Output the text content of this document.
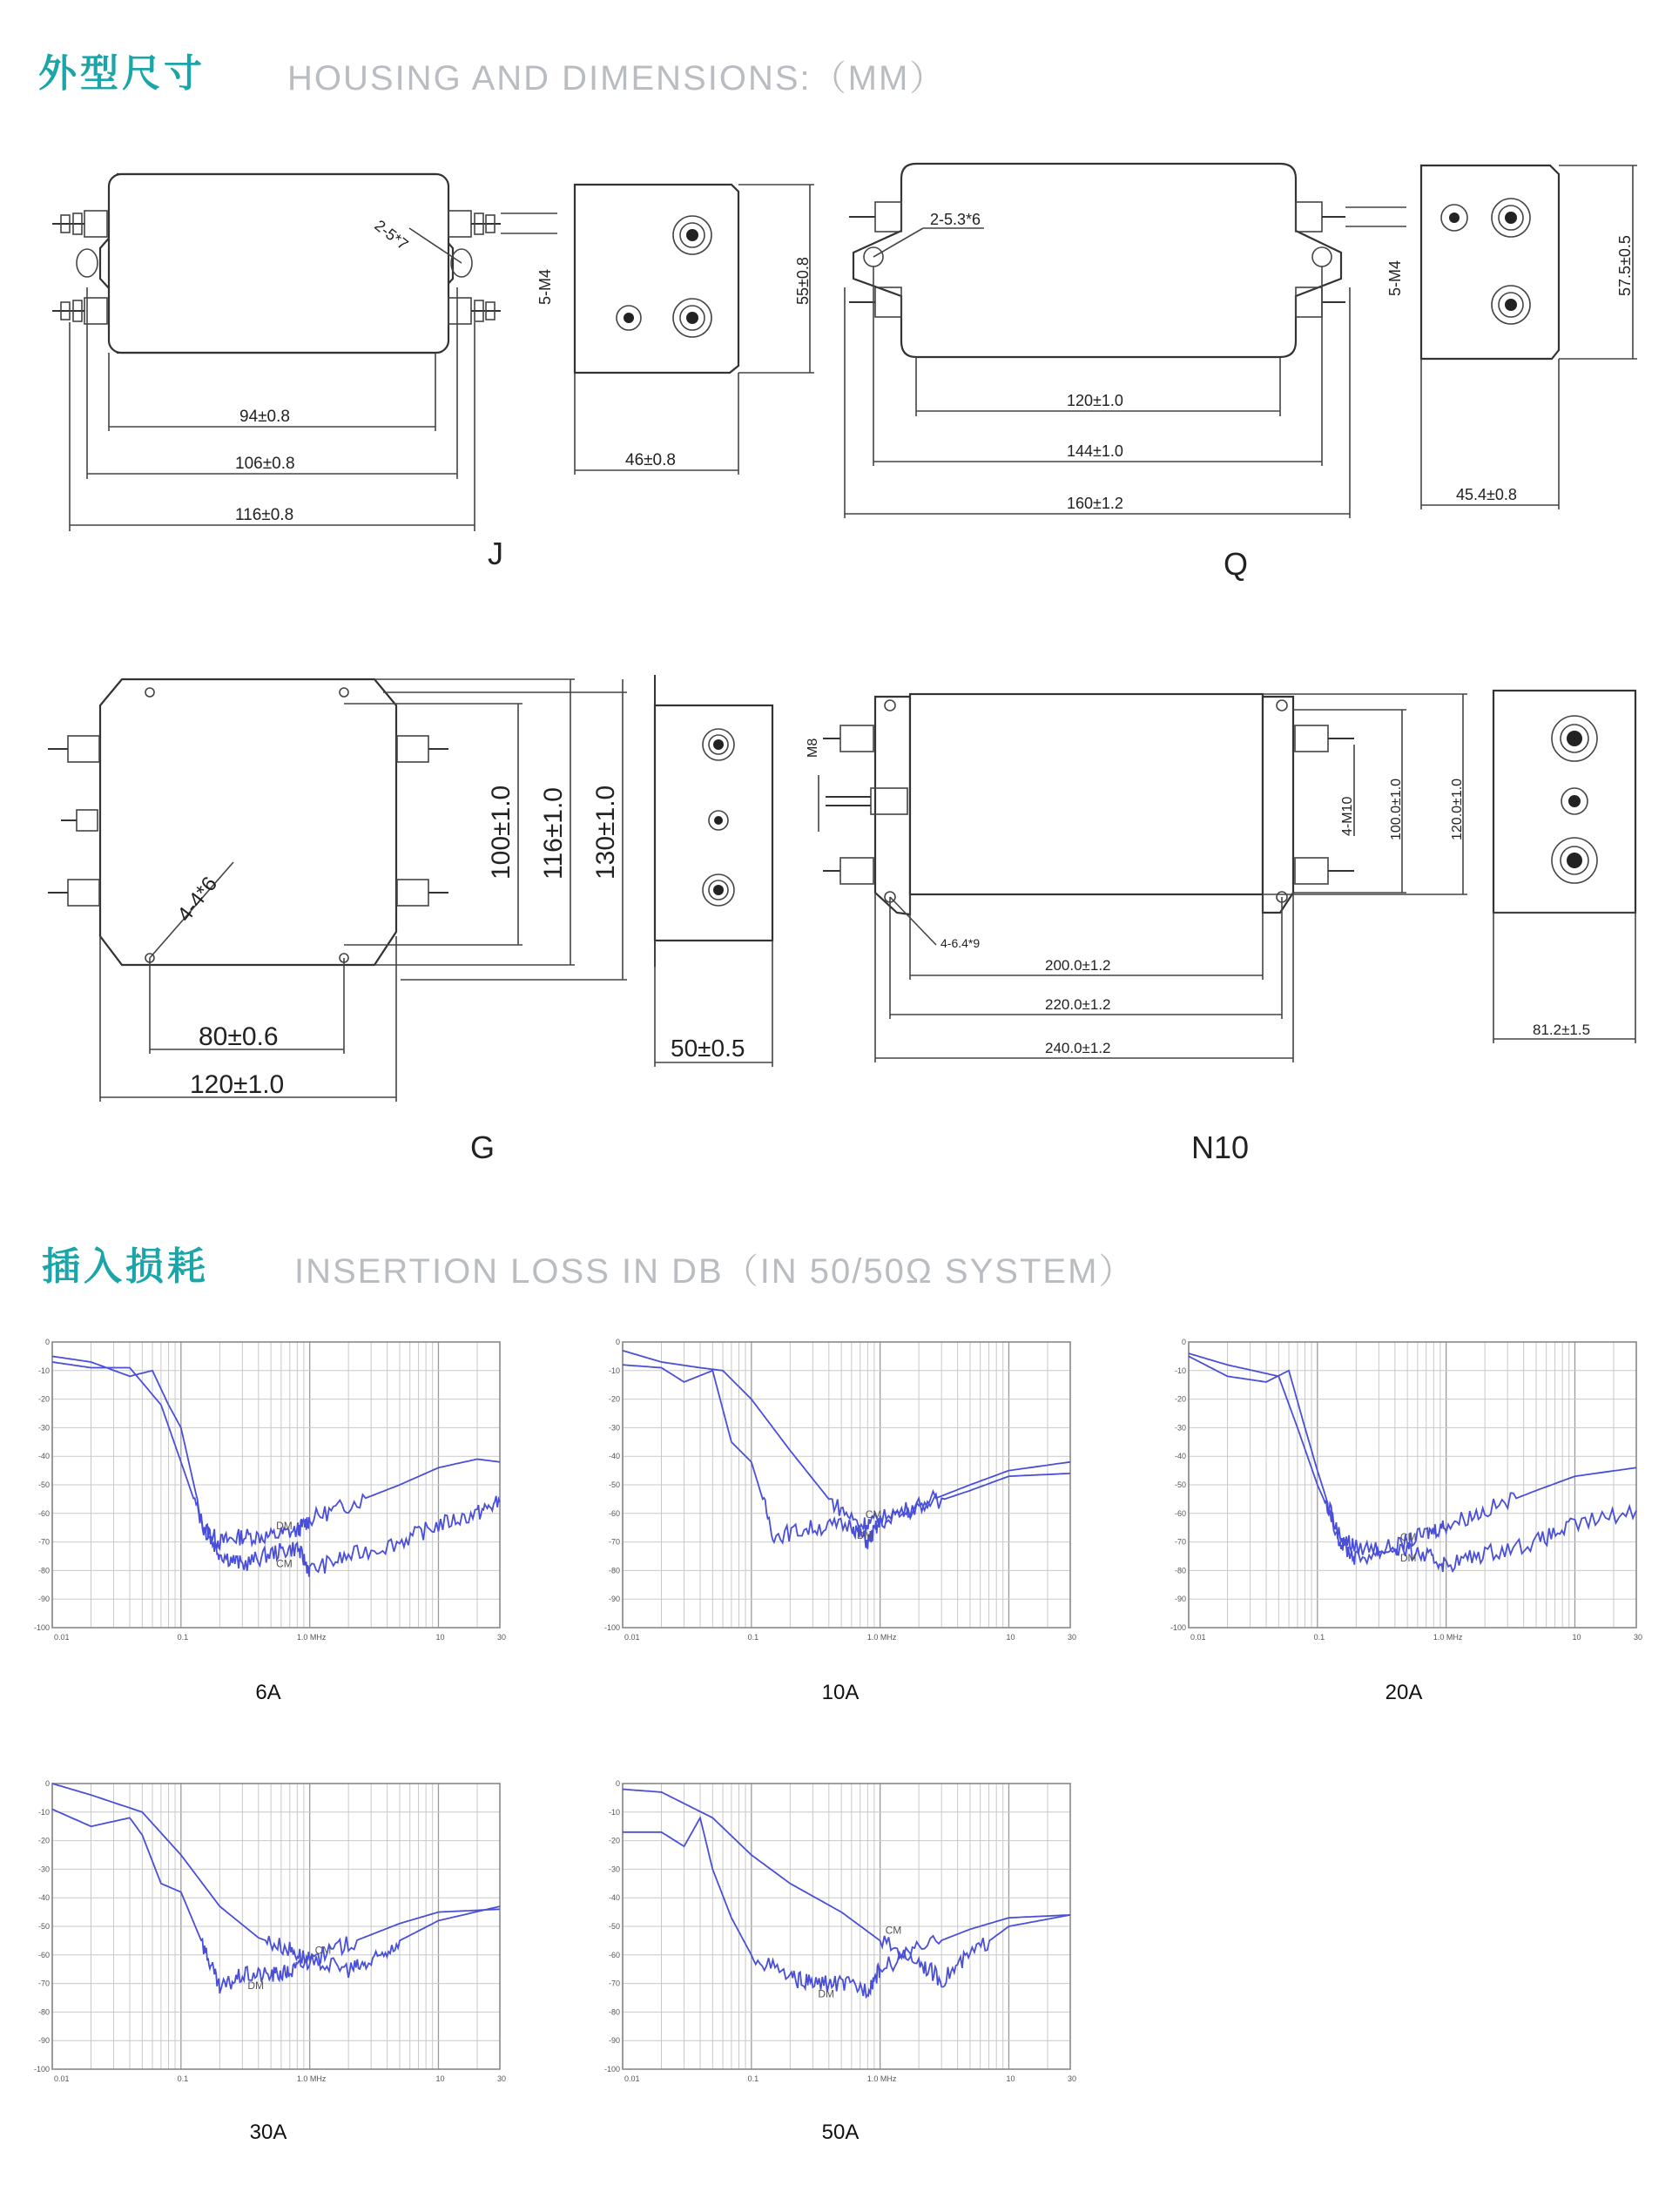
外型尺寸 HOUSING AND DIMENSIONS:（MM）
2-5*7
94±0.8
106±0.8
116±0.8
J
5-M4	55±0.8
46±0.8
2-5.3*6
5-M4
120±1.0
144±1.0
160±1.2
Q
57.5±0.5
45.4±0.8
4-4*6
100±1.0 116±1.0 130±1.0
80±0.6
120±1.0
G
50±0.5
M8
4-M10 100.0±1.0	120.0±1.0
4-6.4*9
200.0±1.2
220.0±1.2
240.0±1.2
N10
81.2±1.5
插入损耗 INSERTION LOSS IN DB（IN 50/50Ω SYSTEM）
0
-10
-20
-30
-40
-50
-60
-70
-80
-90
-100
0.01	0.1	1.0 MHz	10	30
DM
CM
6A
0
-10
-20
-30
-40
-50
-60
-70
-80
-90
-100
0.01	0.1	1.0 MHz	10	30
CM
DM
10A
0
-10
-20
-30
-40
-50
-60
-70
-80
-90
-100
0.01	0.1	1.0 MHz	10	30
CM
DM
20A
0
-10
-20
-30
-40
-50
-60
-70
-80
-90
-100
0.01	0.1	1.0 MHz	10	30
CM
DM
30A
0
-10
-20
-30
-40
-50
-60
-70
-80
-90
-100
0.01	0.1	1.0 MHz	10	30
CM
DM
50A
